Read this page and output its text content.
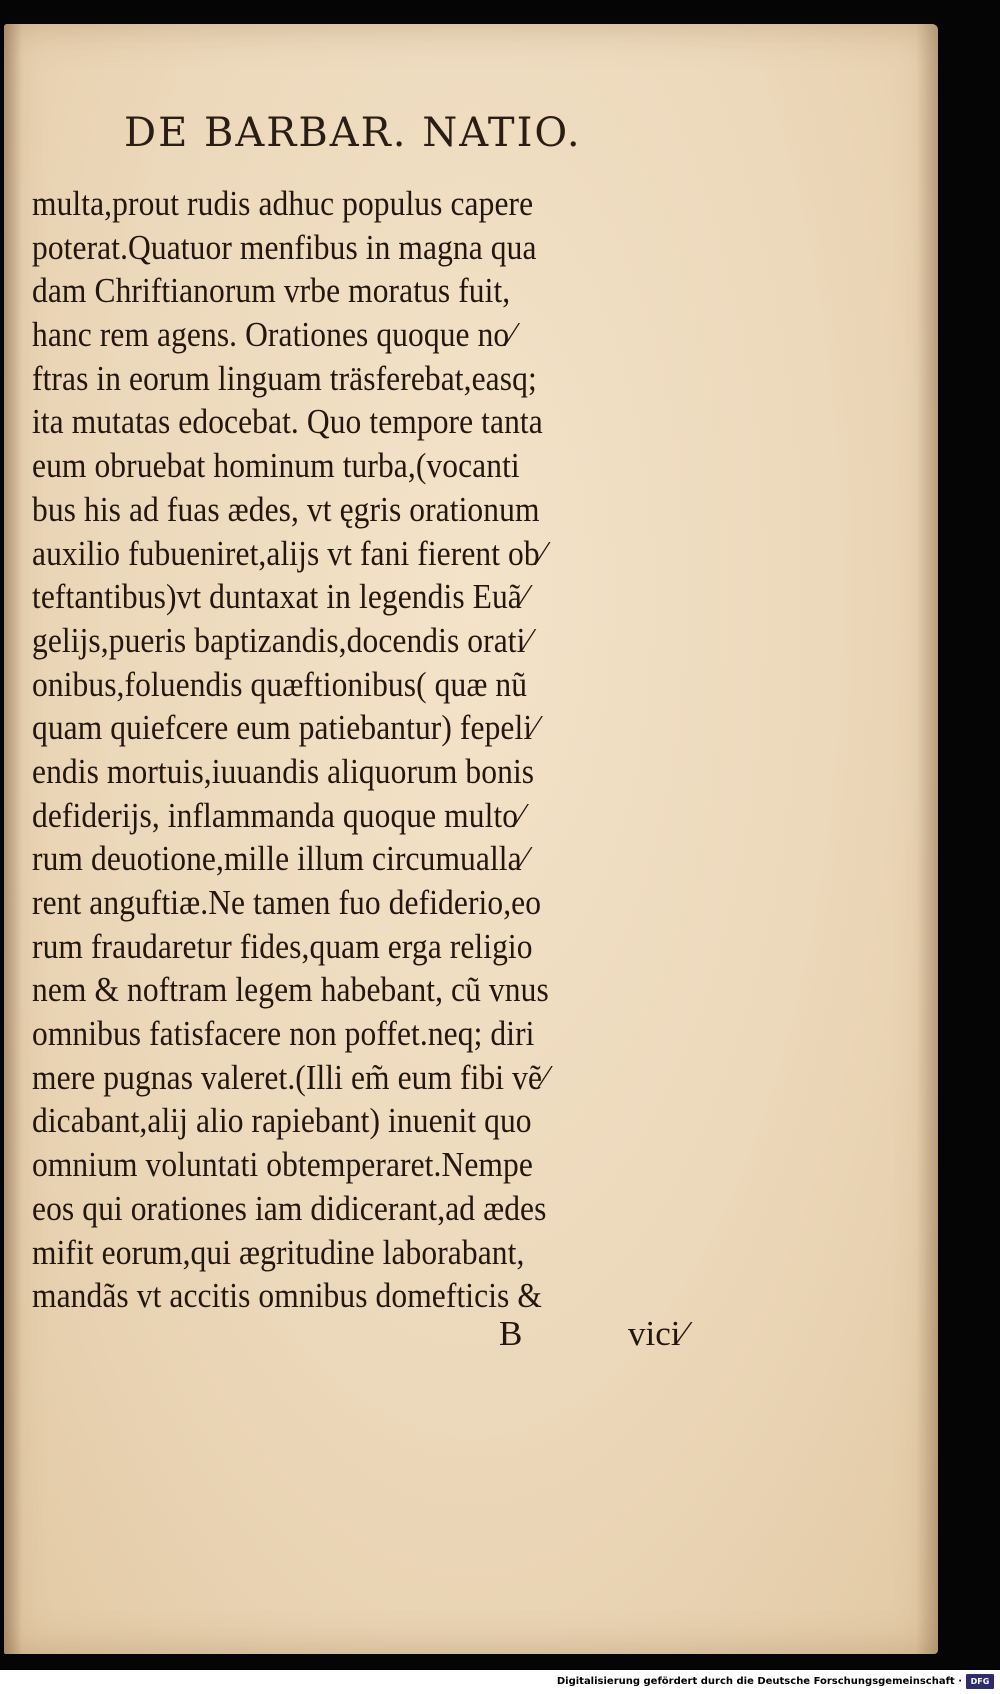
DE BARBAR. NATIO.
multa,prout rudis adhuc populus capere
poterat.Quatuor menfibus in magna qua
dam Chriftianorum vrbe moratus fuit,
hanc rem agens. Orationes quoque no⁄
ftras in eorum linguam träsferebat,easq;
ita mutatas edocebat. Quo tempore tanta
eum obruebat hominum turba,(vocanti
bus his ad fuas ædes, vt ęgris orationum
auxilio fubueniret,alijs vt fani fierent ob⁄
teftantibus)vt duntaxat in legendis Euã⁄
gelijs,pueris baptizandis,docendis orati⁄
onibus,foluendis quæftionibus( quæ nũ
quam quiefcere eum patiebantur) fepeli⁄
endis mortuis,iuuandis aliquorum bonis
defiderijs, inflammanda quoque multo⁄
rum deuotione,mille illum circumualla⁄
rent anguftiæ.Ne tamen fuo defiderio,eo
rum fraudaretur fides,quam erga religio
nem & noftram legem habebant, cũ vnus
omnibus fatisfacere non poffet.neq; diri
mere pugnas valeret.(Illi em̃ eum fibi vẽ⁄
dicabant,alij alio rapiebant) inuenit quo
omnium voluntati obtemperaret.Nempe
eos qui orationes iam didicerant,ad ædes
mifit eorum,qui ægritudine laborabant,
mandãs vt accitis omnibus domefticis &
B	vici⁄
Digitalisierung gefördert durch die Deutsche Forschungsgemeinschaft ·	DFG
